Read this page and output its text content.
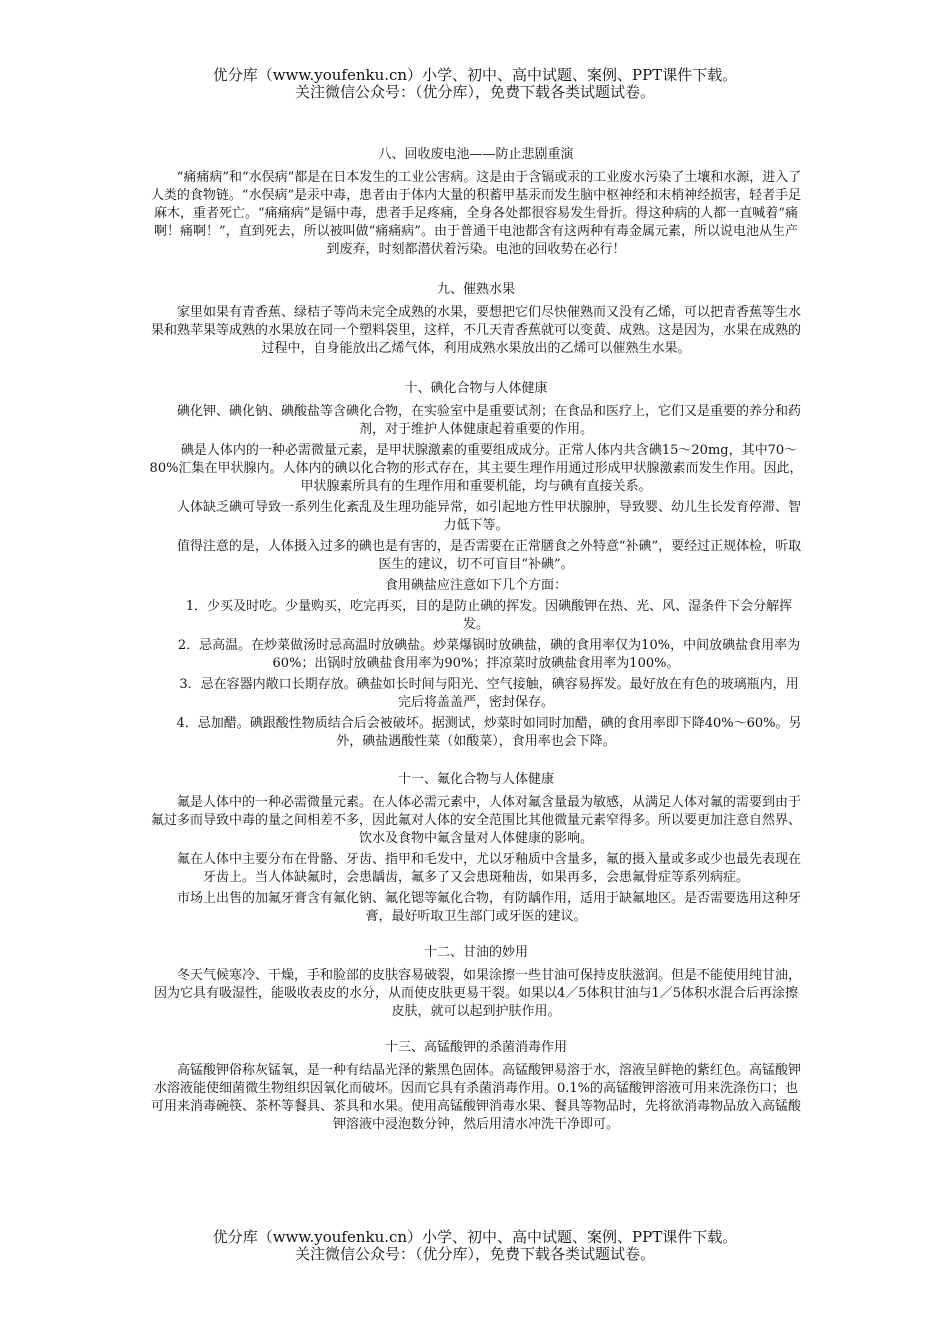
优分库（www.youfenku.cn）小学、初中、高中试题、案例、PPT课件下载。
关注微信公众号：（优分库），免费下载各类试题试卷。
八、回收废电池——防止悲剧重演

“痛痛病”和“水俣病”都是在日本发生的工业公害病。这是由于含镉或汞的工业废水污染了土壤和水源，进入了人类的食物链。“水俣病”是汞中毒，患者由于体内大量的积蓄甲基汞而发生脑中枢神经和末梢神经损害，轻者手足麻木，重者死亡。“痛痛病”是镉中毒，患者手足疼痛，全身各处都很容易发生骨折。得这种病的人都一直喊着“痛啊！痛啊！”，直到死去，所以被叫做“痛痛病”。由于普通干电池都含有这两种有毒金属元素，所以说电池从生产到废弃，时刻都潜伏着污染。电池的回收势在必行！

九、催熟水果

家里如果有青香蕉、绿桔子等尚未完全成熟的水果，要想把它们尽快催熟而又没有乙烯，可以把青香蕉等生水果和熟苹果等成熟的水果放在同一个塑料袋里，这样，不几天青香蕉就可以变黄、成熟。这是因为，水果在成熟的过程中，自身能放出乙烯气体，利用成熟水果放出的乙烯可以催熟生水果。

十、碘化合物与人体健康

碘化钾、碘化钠、碘酸盐等含碘化合物，在实验室中是重要试剂；在食品和医疗上，它们又是重要的养分和药剂，对于维护人体健康起着重要的作用。

碘是人体内的一种必需微量元素，是甲状腺激素的重要组成成分。正常人体内共含碘15～20mg，其中70～80%汇集在甲状腺内。人体内的碘以化合物的形式存在，其主要生理作用通过形成甲状腺激素而发生作用。因此，甲状腺素所具有的生理作用和重要机能，均与碘有直接关系。

人体缺乏碘可导致一系列生化紊乱及生理功能异常，如引起地方性甲状腺肿，导致婴、幼儿生长发育停滞、智力低下等。

值得注意的是，人体摄入过多的碘也是有害的，是否需要在正常膳食之外特意“补碘”，要经过正规体检，听取医生的建议，切不可盲目“补碘”。

食用碘盐应注意如下几个方面：

1．少买及时吃。少量购买，吃完再买，目的是防止碘的挥发。因碘酸钾在热、光、风、湿条件下会分解挥发。

2．忌高温。在炒菜做汤时忌高温时放碘盐。炒菜爆锅时放碘盐，碘的食用率仅为10%，中间放碘盐食用率为60%；出锅时放碘盐食用率为90%；拌凉菜时放碘盐食用率为100%。

3．忌在容器内敞口长期存放。碘盐如长时间与阳光、空气接触，碘容易挥发。最好放在有色的玻璃瓶内，用完后将盖盖严，密封保存。

4．忌加醋。碘跟酸性物质结合后会被破坏。据测试，炒菜时如同时加醋，碘的食用率即下降40%～60%。另外，碘盐遇酸性菜（如酸菜），食用率也会下降。

十一、氟化合物与人体健康

氟是人体中的一种必需微量元素。在人体必需元素中，人体对氟含量最为敏感，从满足人体对氟的需要到由于氟过多而导致中毒的量之间相差不多，因此氟对人体的安全范围比其他微量元素窄得多。所以要更加注意自然界、饮水及食物中氟含量对人体健康的影响。

氟在人体中主要分布在骨骼、牙齿、指甲和毛发中，尤以牙釉质中含量多，氟的摄入量或多或少也最先表现在牙齿上。当人体缺氟时，会患龋齿，氟多了又会患斑釉齿，如果再多，会患氟骨症等系列病症。

市场上出售的加氟牙膏含有氟化钠、氟化锶等氟化合物，有防龋作用，适用于缺氟地区。是否需要选用这种牙膏，最好听取卫生部门或牙医的建议。

十二、甘油的妙用

冬天气候寒冷、干燥，手和脸部的皮肤容易破裂，如果涂擦一些甘油可保持皮肤滋润。但是不能使用纯甘油，因为它具有吸湿性，能吸收表皮的水分，从而使皮肤更易干裂。如果以4／5体积甘油与1／5体积水混合后再涂擦皮肤，就可以起到护肤作用。

十三、高锰酸钾的杀菌消毒作用

高锰酸钾俗称灰锰氧，是一种有结晶光泽的紫黑色固体。高锰酸钾易溶于水，溶液呈鲜艳的紫红色。高锰酸钾水溶液能使细菌微生物组织因氧化而破坏。因而它具有杀菌消毒作用。0.1%的高锰酸钾溶液可用来洗涤伤口；也可用来消毒碗筷、茶杯等餐具、茶具和水果。使用高锰酸钾消毒水果、餐具等物品时，先将欲消毒物品放入高锰酸钾溶液中浸泡数分钟，然后用清水冲洗干净即可。

优分库（www.youfenku.cn）小学、初中、高中试题、案例、PPT课件下载。
关注微信公众号：（优分库），免费下载各类试题试卷。
